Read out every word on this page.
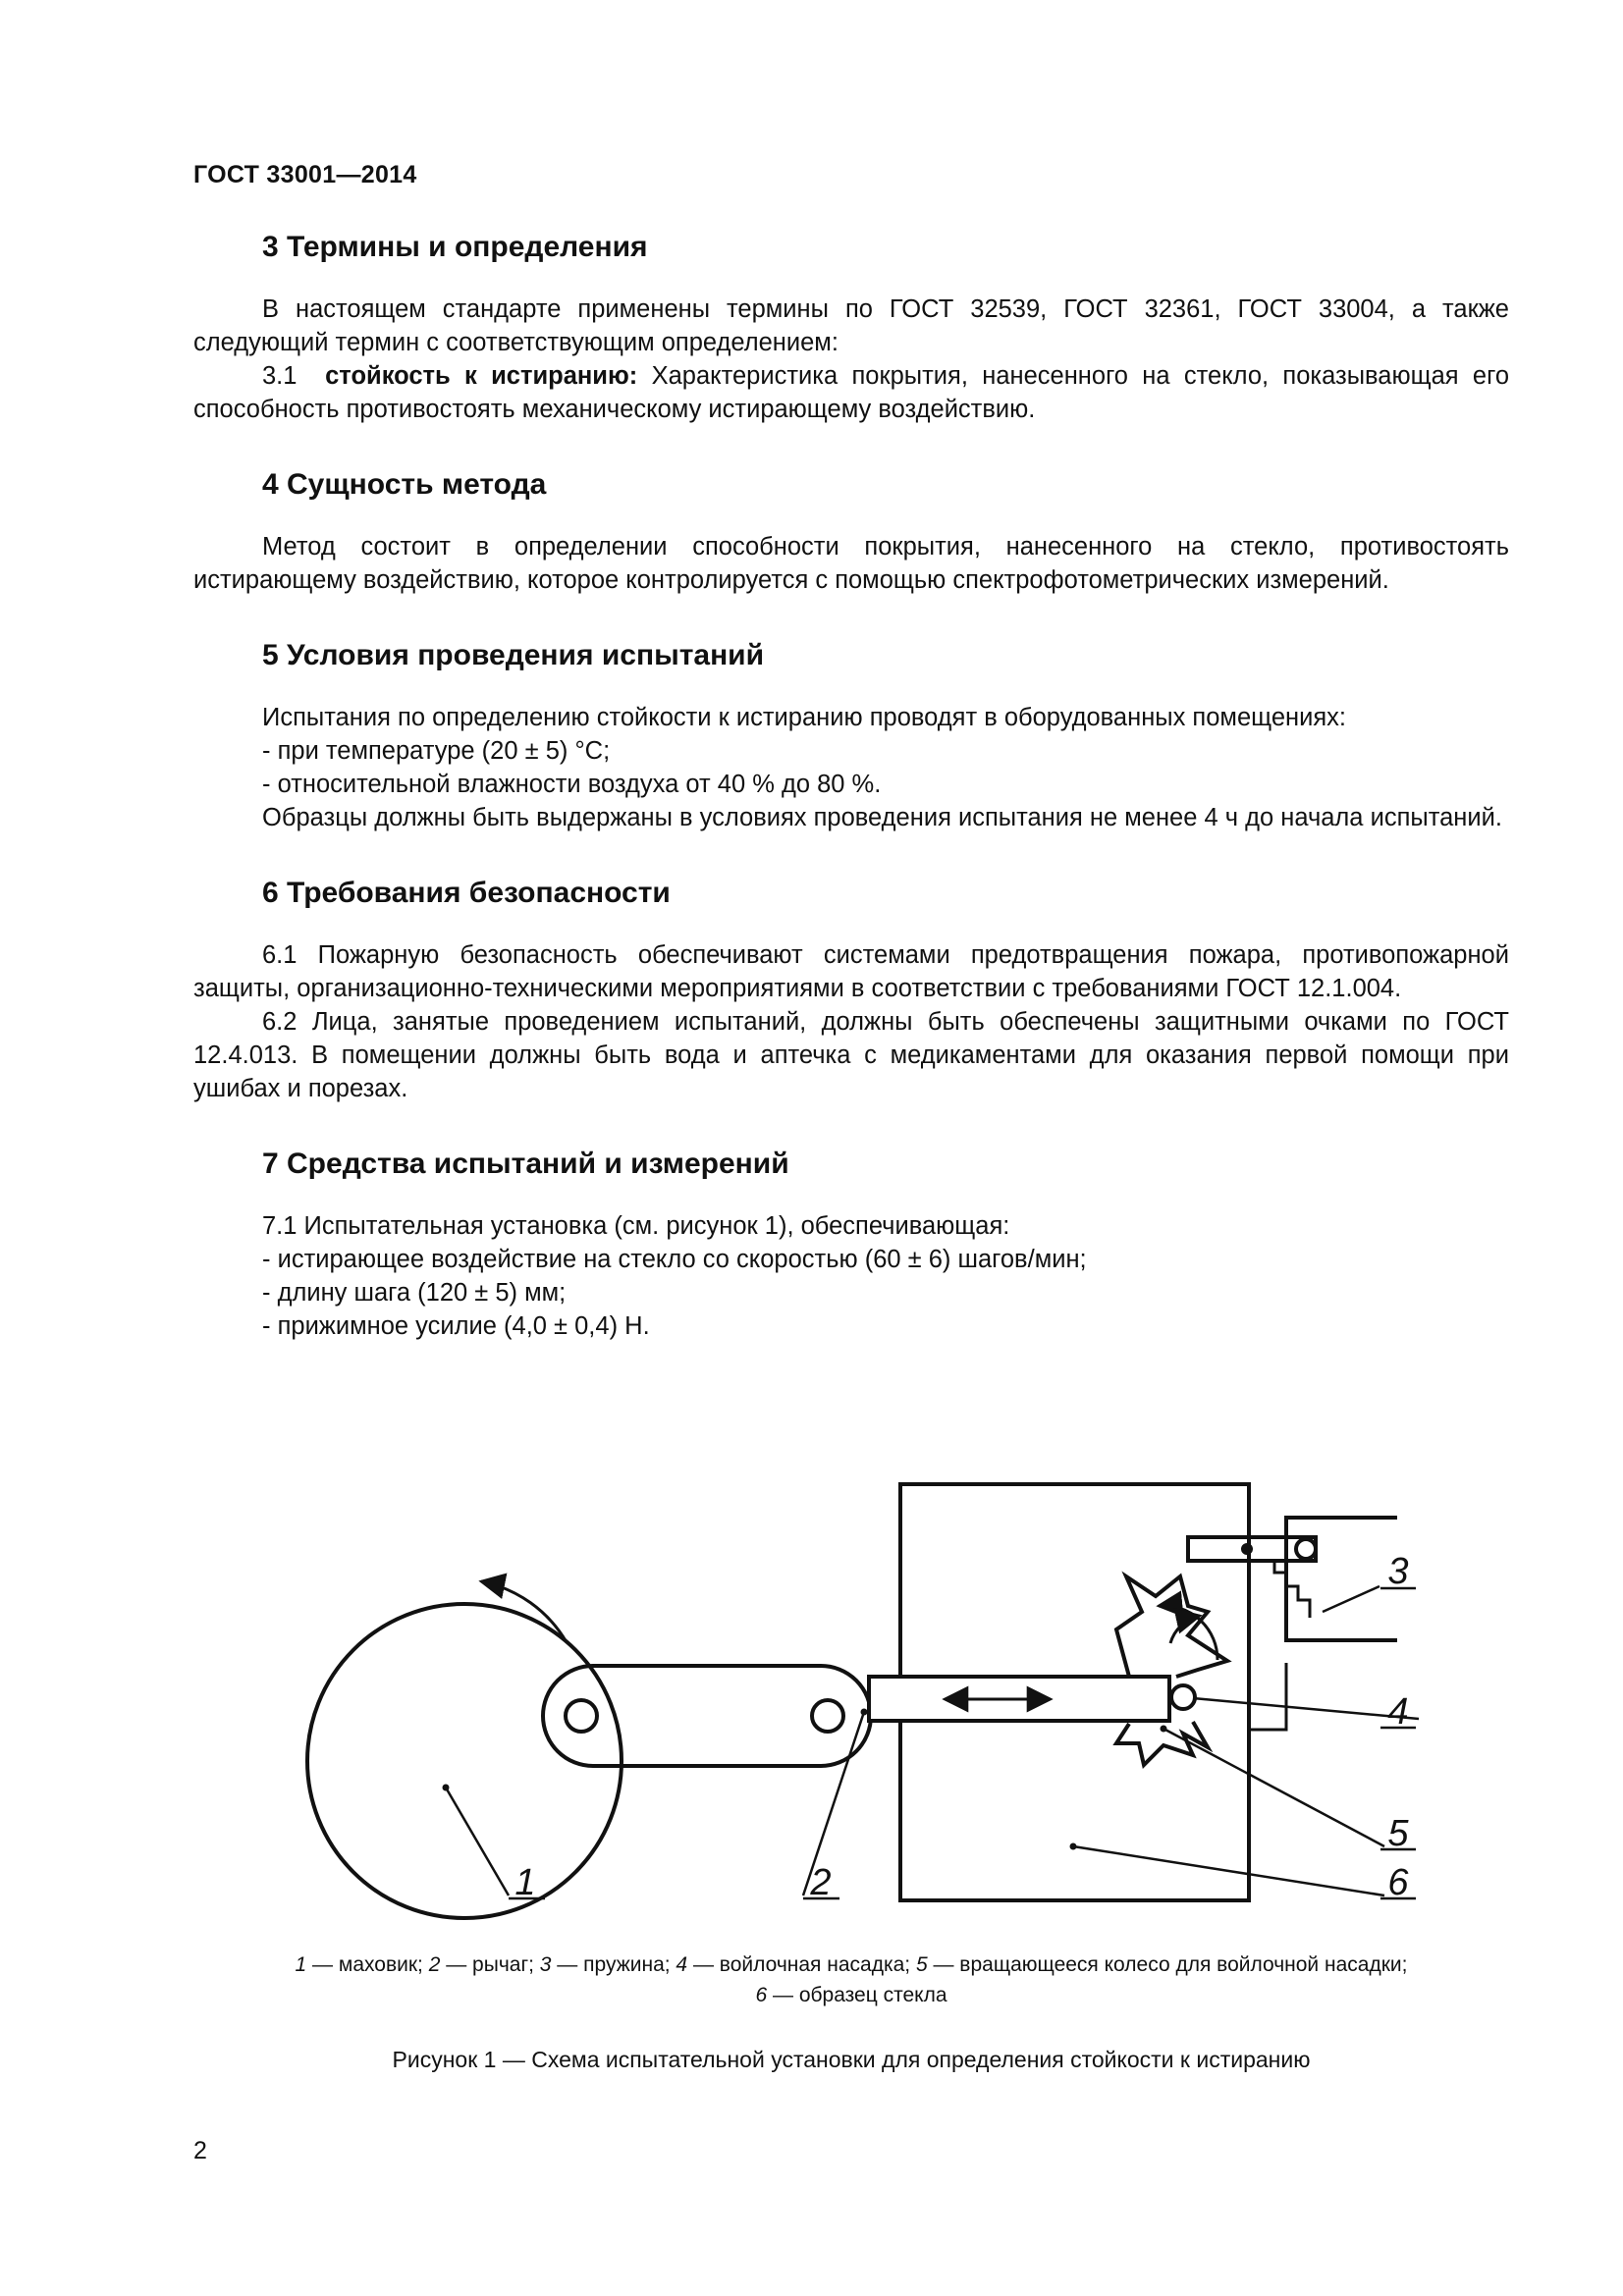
ГОСТ 33001—2014
3 Термины и определения

В настоящем стандарте применены термины по ГОСТ 32539, ГОСТ 32361, ГОСТ 33004, а также следующий термин с соответствующим определением:

3.1 стойкость к истиранию: Характеристика покрытия, нанесенного на стекло, показывающая его способность противостоять механическому истирающему воздействию.

4 Сущность метода

Метод состоит в определении способности покрытия, нанесенного на стекло, противостоять истирающему воздействию, которое контролируется с помощью спектрофотометрических измерений.

5 Условия проведения испытаний

Испытания по определению стойкости к истиранию проводят в оборудованных помещениях:

- при температуре (20 ± 5) °С;

- относительной влажности воздуха от 40 % до 80 %.

Образцы должны быть выдержаны в условиях проведения испытания не менее 4 ч до начала испытаний.

6 Требования безопасности

6.1 Пожарную безопасность обеспечивают системами предотвращения пожара, противопожарной защиты, организационно-техническими мероприятиями в соответствии с требованиями ГОСТ 12.1.004.

6.2 Лица, занятые проведением испытаний, должны быть обеспечены защитными очками по ГОСТ 12.4.013. В помещении должны быть вода и аптечка с медикаментами для оказания первой помощи при ушибах и порезах.

7 Средства испытаний и измерений

7.1 Испытательная установка (см. рисунок 1), обеспечивающая:

- истирающее воздействие на стекло со скоростью (60 ± 6) шагов/мин;

- длину шага (120 ± 5) мм;

- прижимное усилие (4,0 ± 0,4) Н.

1	2
3
4
5
6
1 — маховик; 2 — рычаг; 3 — пружина; 4 — войлочная насадка; 5 — вращающееся колесо для войлочной насадки;
6 — образец стекла
Рисунок 1 — Схема испытательной установки для определения стойкости к истиранию
2
